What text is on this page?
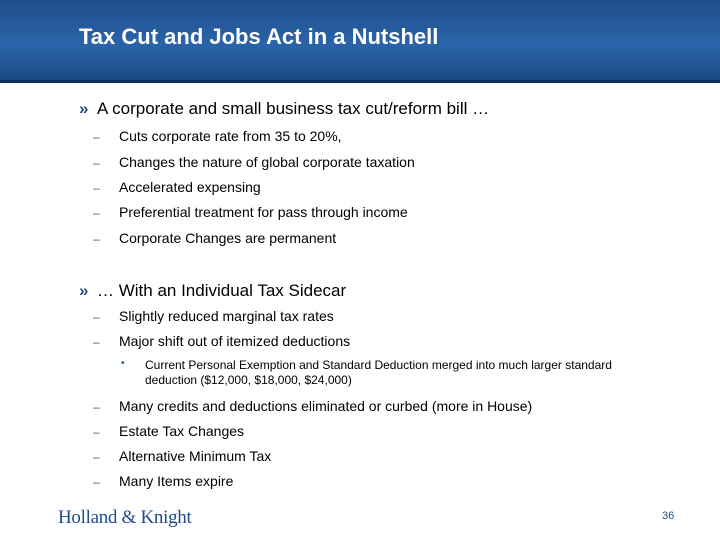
Tax Cut and Jobs Act in a Nutshell
» A corporate and small business tax cut/reform bill …
– Cuts corporate rate from 35 to 20%,
– Changes the nature of global corporate taxation
– Accelerated expensing
– Preferential treatment for pass through income
– Corporate Changes are permanent
» … With an Individual Tax Sidecar
– Slightly reduced marginal tax rates
– Major shift out of itemized deductions
• Current Personal Exemption and Standard Deduction merged into much larger standard deduction ($12,000, $18,000, $24,000)
– Many credits and deductions eliminated or curbed (more in House)
– Estate Tax Changes
– Alternative Minimum Tax
– Many Items expire
Holland & Knight	36
